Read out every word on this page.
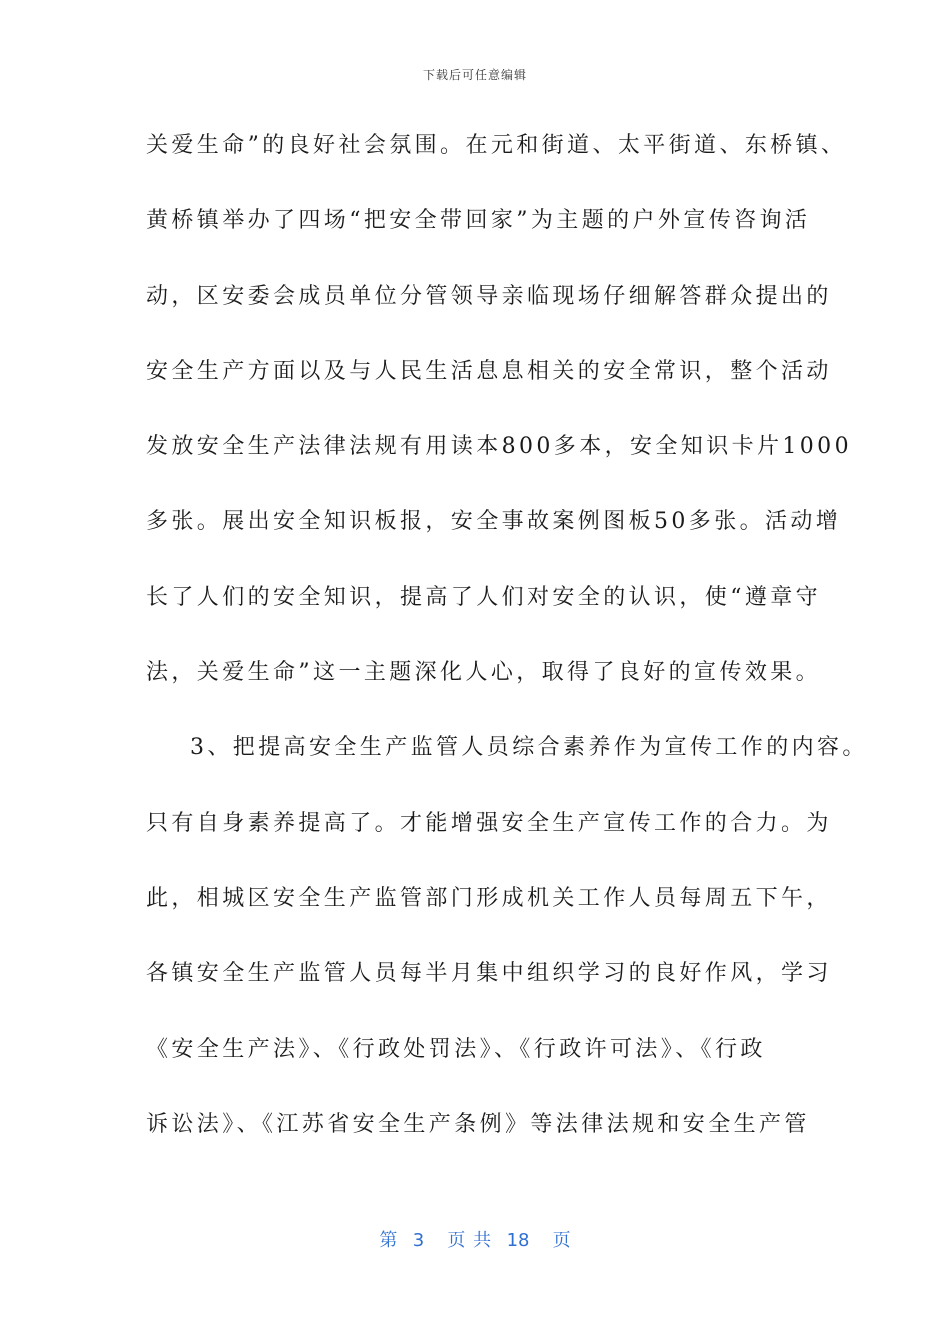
下载后可任意编辑
关爱生命”的良好社会氛围。在元和街道、太平街道、东桥镇、
黄桥镇举办了四场“把安全带回家”为主题的户外宣传咨询活
动，区安委会成员单位分管领导亲临现场仔细解答群众提出的
安全生产方面以及与人民生活息息相关的安全常识，整个活动
发放安全生产法律法规有用读本800多本，安全知识卡片1000
多张。展出安全知识板报，安全事故案例图板50多张。活动增
长了人们的安全知识，提高了人们对安全的认识，使“遵章守
法，关爱生命”这一主题深化人心，取得了良好的宣传效果。
3、把提高安全生产监管人员综合素养作为宣传工作的内容。
只有自身素养提高了。才能增强安全生产宣传工作的合力。为
此，相城区安全生产监管部门形成机关工作人员每周五下午，
各镇安全生产监管人员每半月集中组织学习的良好作风，学习
《安全生产法》、《行政处罚法》、《行政许可法》、《行政
诉讼法》、《江苏省安全生产条例》等法律法规和安全生产管
第  3   页 共  18   页
